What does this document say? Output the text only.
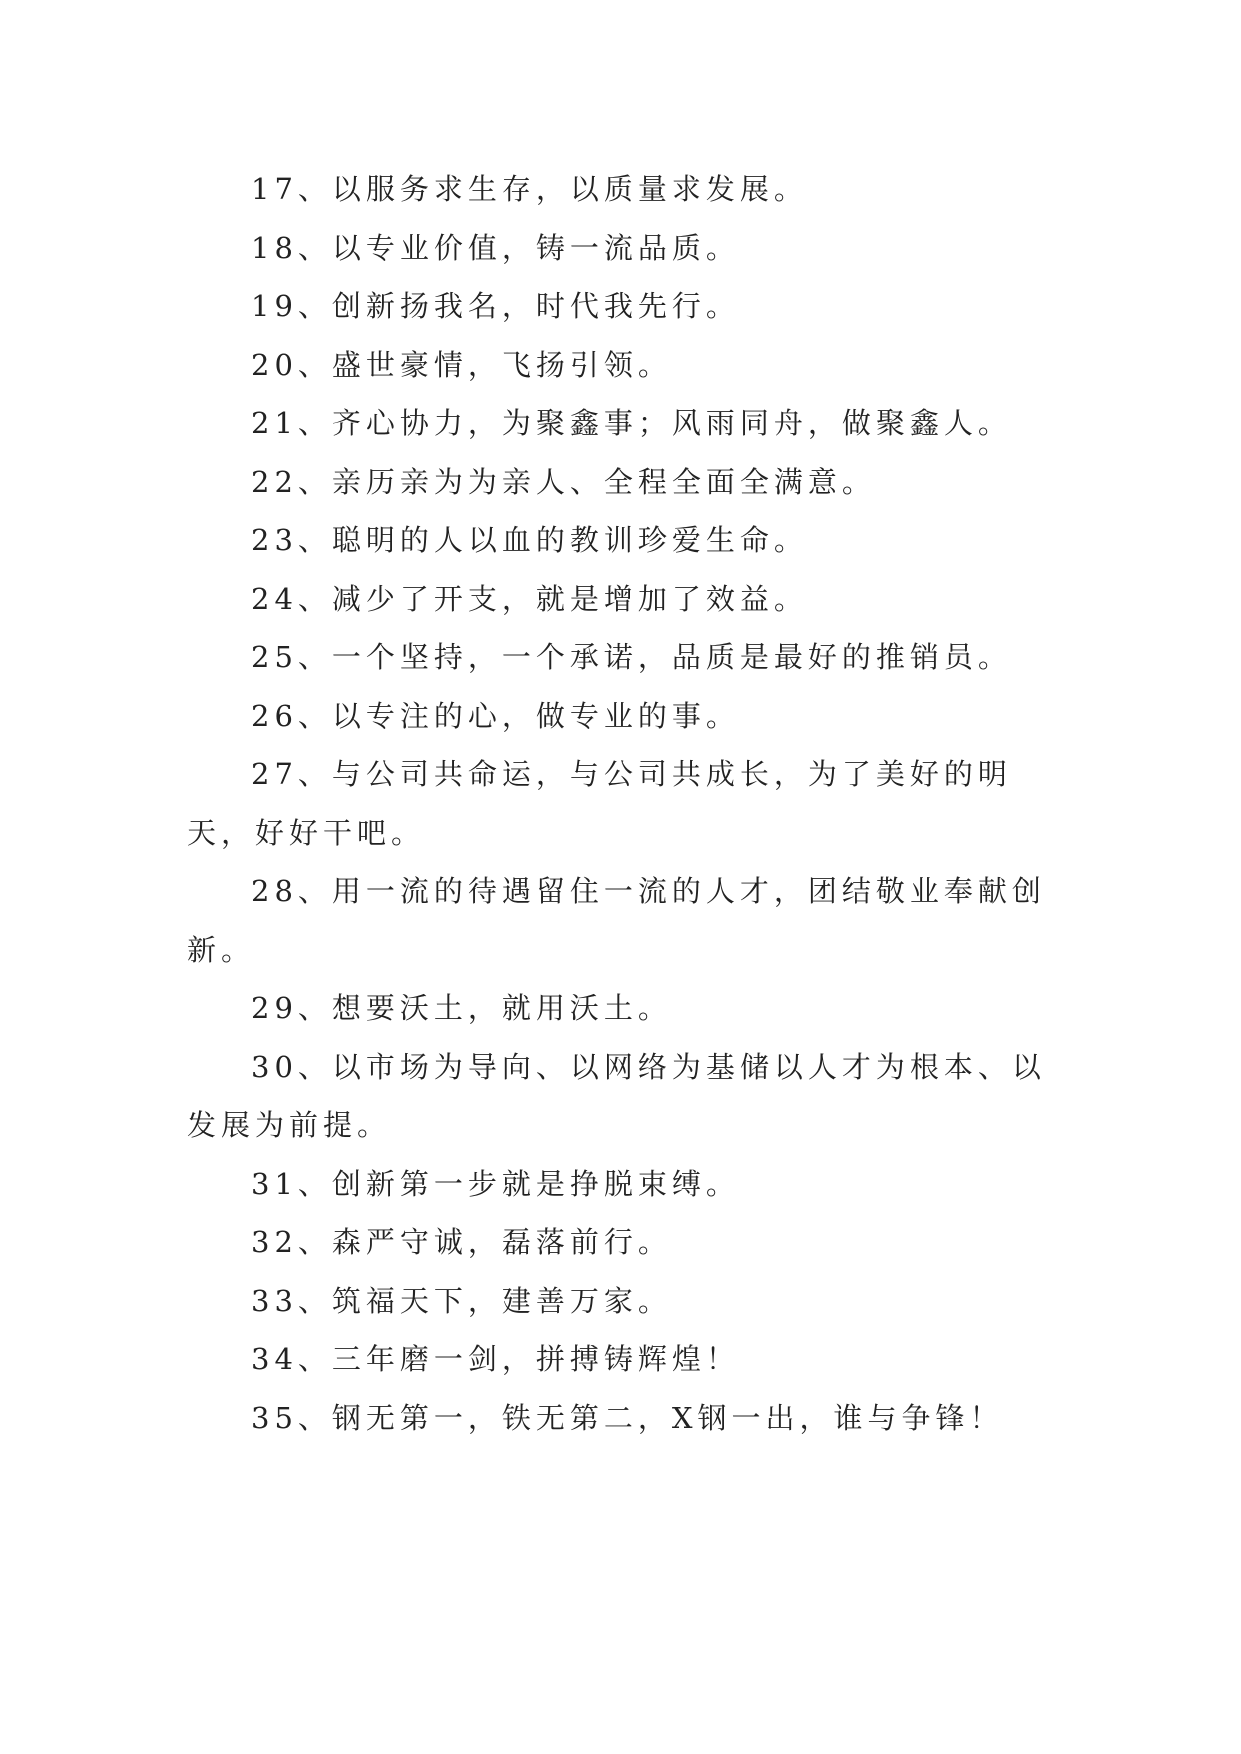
17、以服务求生存，以质量求发展。

18、以专业价值，铸一流品质。

19、创新扬我名，时代我先行。

20、盛世豪情，飞扬引领。

21、齐心协力，为聚鑫事；风雨同舟，做聚鑫人。

22、亲历亲为为亲人、全程全面全满意。

23、聪明的人以血的教训珍爱生命。

24、减少了开支，就是增加了效益。

25、一个坚持，一个承诺，品质是最好的推销员。

26、以专注的心，做专业的事。

27、与公司共命运，与公司共成长，为了美好的明天，好好干吧。

28、用一流的待遇留住一流的人才，团结敬业奉献创新。

29、想要沃土，就用沃土。

30、以市场为导向、以网络为基储以人才为根本、以发展为前提。

31、创新第一步就是挣脱束缚。

32、森严守诚，磊落前行。

33、筑福天下，建善万家。

34、三年磨一剑，拼搏铸辉煌！

35、钢无第一，铁无第二，X钢一出，谁与争锋！
